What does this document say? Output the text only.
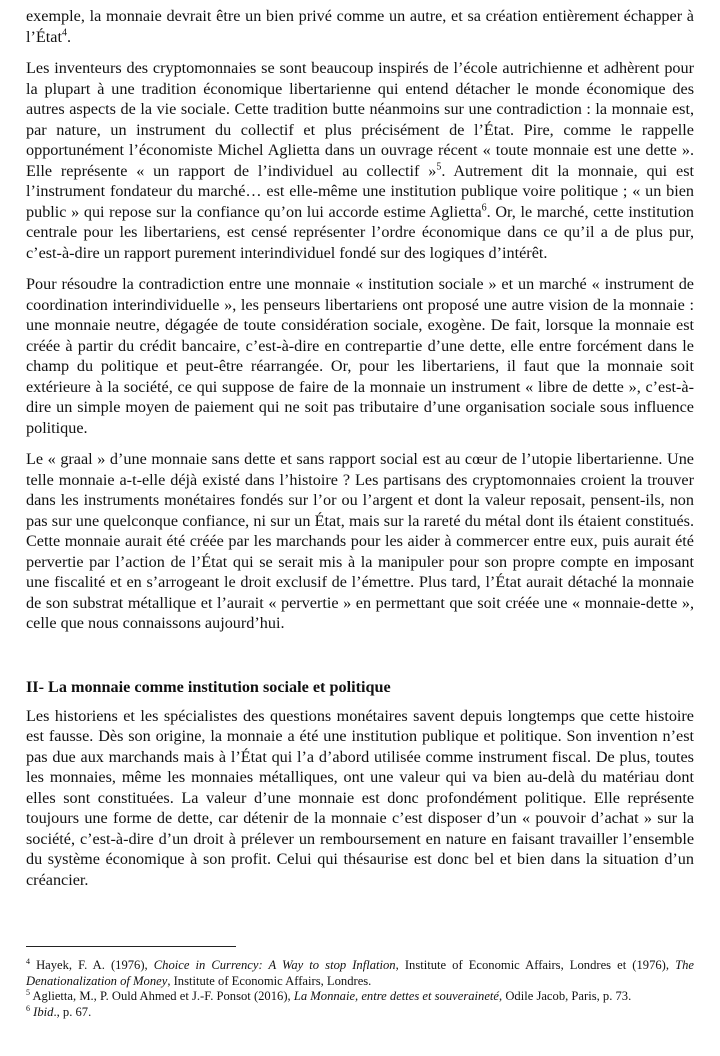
exemple, la monnaie devrait être un bien privé comme un autre, et sa création entièrement échapper à l’État$^4$.

Les inventeurs des cryptomonnaies se sont beaucoup inspirés de l’école autrichienne et adhèrent pour la plupart à une tradition économique libertarienne qui entend détacher le monde économique des autres aspects de la vie sociale. Cette tradition butte néanmoins sur une contradiction : la monnaie est, par nature, un instrument du collectif et plus précisément de l’État. Pire, comme le rappelle opportunément l’économiste Michel Aglietta dans un ouvrage récent « toute monnaie est une dette ». Elle représente « un rapport de l’individuel au collectif »$^5$. Autrement dit la monnaie, qui est l’instrument fondateur du marché… est elle-même une institution publique voire politique ; « un bien public » qui repose sur la confiance qu’on lui accorde estime Aglietta$^6$. Or, le marché, cette institution centrale pour les libertariens, est censé représenter l’ordre économique dans ce qu’il a de plus pur, c’est-à-dire un rapport purement interindividuel fondé sur des logiques d’intérêt.

Pour résoudre la contradiction entre une monnaie « institution sociale » et un marché « instrument de coordination interindividuelle », les penseurs libertariens ont proposé une autre vision de la monnaie : une monnaie neutre, dégagée de toute considération sociale, exogène. De fait, lorsque la monnaie est créée à partir du crédit bancaire, c’est-à-dire en contrepartie d’une dette, elle entre forcément dans le champ du politique et peut-être réarrangée. Or, pour les libertariens, il faut que la monnaie soit extérieure à la société, ce qui suppose de faire de la monnaie un instrument « libre de dette », c’est-à-dire un simple moyen de paiement qui ne soit pas tributaire d’une organisation sociale sous influence politique.

Le « graal » d’une monnaie sans dette et sans rapport social est au cœur de l’utopie libertarienne. Une telle monnaie a-t-elle déjà existé dans l’histoire ? Les partisans des cryptomonnaies croient la trouver dans les instruments monétaires fondés sur l’or ou l’argent et dont la valeur reposait, pensent-ils, non pas sur une quelconque confiance, ni sur un État, mais sur la rareté du métal dont ils étaient constitués. Cette monnaie aurait été créée par les marchands pour les aider à commercer entre eux, puis aurait été pervertie par l’action de l’État qui se serait mis à la manipuler pour son propre compte en imposant une fiscalité et en s’arrogeant le droit exclusif de l’émettre. Plus tard, l’État aurait détaché la monnaie de son substrat métallique et l’aurait « pervertie » en permettant que soit créée une « monnaie-dette », celle que nous connaissons aujourd’hui.

II- La monnaie comme institution sociale et politique

Les historiens et les spécialistes des questions monétaires savent depuis longtemps que cette histoire est fausse. Dès son origine, la monnaie a été une institution publique et politique. Son invention n’est pas due aux marchands mais à l’État qui l’a d’abord utilisée comme instrument fiscal. De plus, toutes les monnaies, même les monnaies métalliques, ont une valeur qui va bien au-delà du matériau dont elles sont constituées. La valeur d’une monnaie est donc profondément politique. Elle représente toujours une forme de dette, car détenir de la monnaie c’est disposer d’un « pouvoir d’achat » sur la société, c’est-à-dire d’un droit à prélever un remboursement en nature en faisant travailler l’ensemble du système économique à son profit. Celui qui thésaurise est donc bel et bien dans la situation d’un créancier.

$^4$ Hayek, F. A. (1976), Choice in Currency: A Way to stop Inflation, Institute of Economic Affairs, Londres et (1976), The Denationalization of Money, Institute of Economic Affairs, Londres.

$^5$ Aglietta, M., P. Ould Ahmed et J.-F. Ponsot (2016), La Monnaie, entre dettes et souveraineté, Odile Jacob, Paris, p. 73.

$^6$ Ibid., p. 67.
